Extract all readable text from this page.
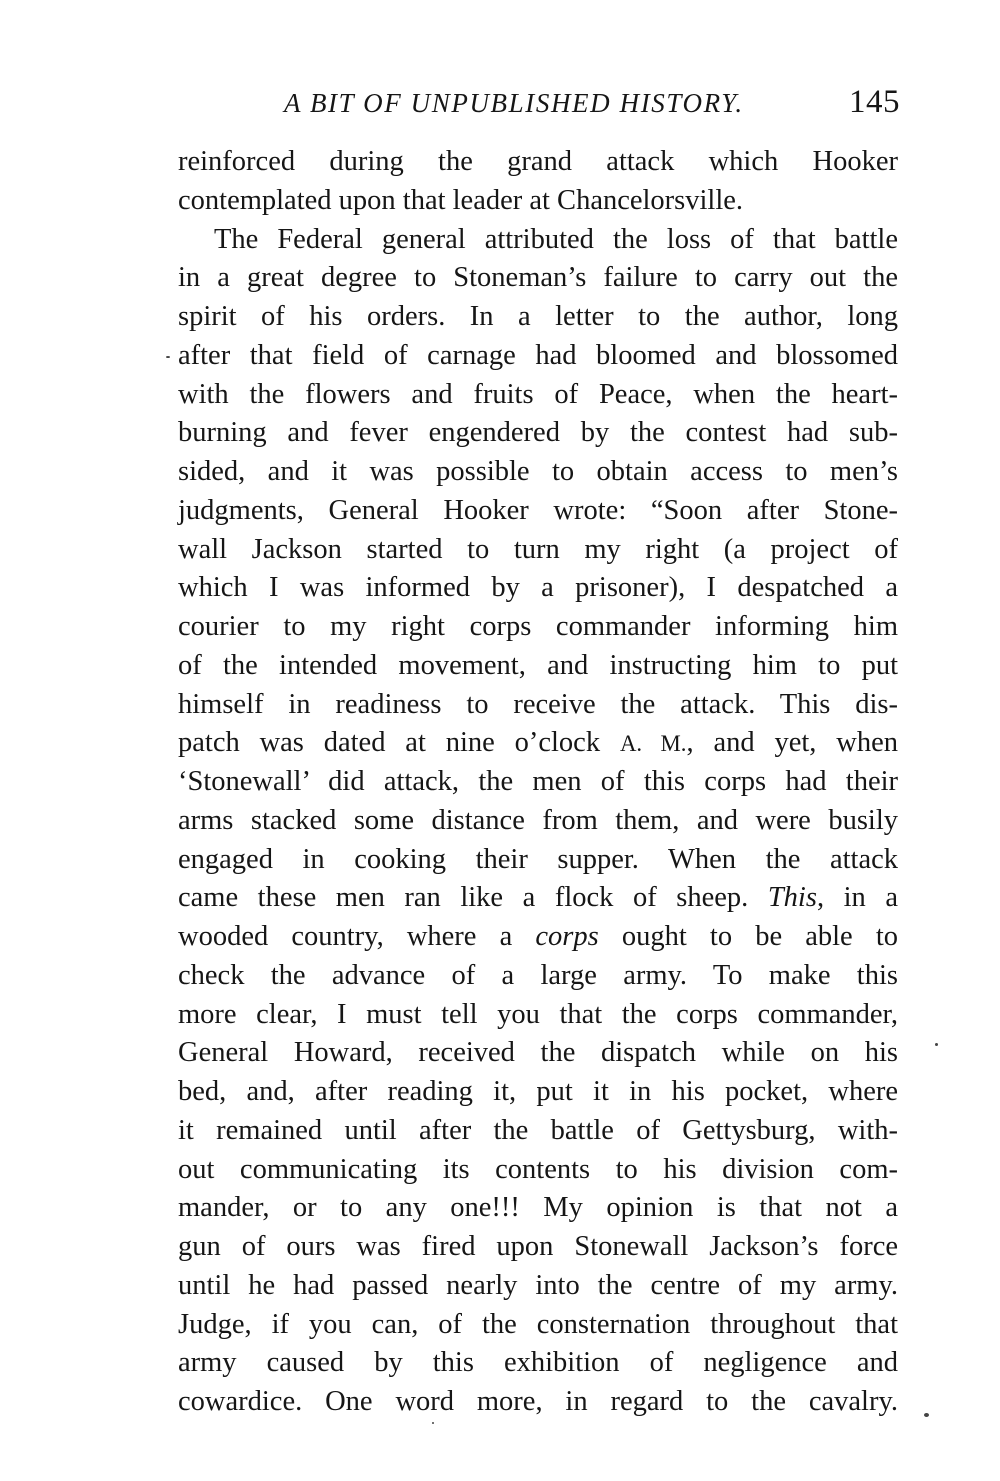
A BIT OF UNPUBLISHED HISTORY.	145
reinforced during the grand attack which Hooker
contemplated upon that leader at Chancelorsville.
The Federal general attributed the loss of that battle
in a great degree to Stoneman’s failure to carry out the
spirit of his orders. In a letter to the author, long
after that field of carnage had bloomed and blossomed
with the flowers and fruits of Peace, when the heart-
burning and fever engendered by the contest had sub-
sided, and it was possible to obtain access to men’s
judgments, General Hooker wrote: “Soon after Stone-
wall Jackson started to turn my right (a project of
which I was informed by a prisoner), I despatched a
courier to my right corps commander informing him
of the intended movement, and instructing him to put
himself in readiness to receive the attack. This dis-
patch was dated at nine o’clock A. M., and yet, when
‘Stonewall’ did attack, the men of this corps had their
arms stacked some distance from them, and were busily
engaged in cooking their supper. When the attack
came these men ran like a flock of sheep. This, in a
wooded country, where a corps ought to be able to
check the advance of a large army. To make this
more clear, I must tell you that the corps commander,
General Howard, received the dispatch while on his
bed, and, after reading it, put it in his pocket, where
it remained until after the battle of Gettysburg, with-
out communicating its contents to his division com-
mander, or to any one!!! My opinion is that not a
gun of ours was fired upon Stonewall Jackson’s force
until he had passed nearly into the centre of my army.
Judge, if you can, of the consternation throughout that
army caused by this exhibition of negligence and
cowardice. One word more, in regard to the cavalry.
